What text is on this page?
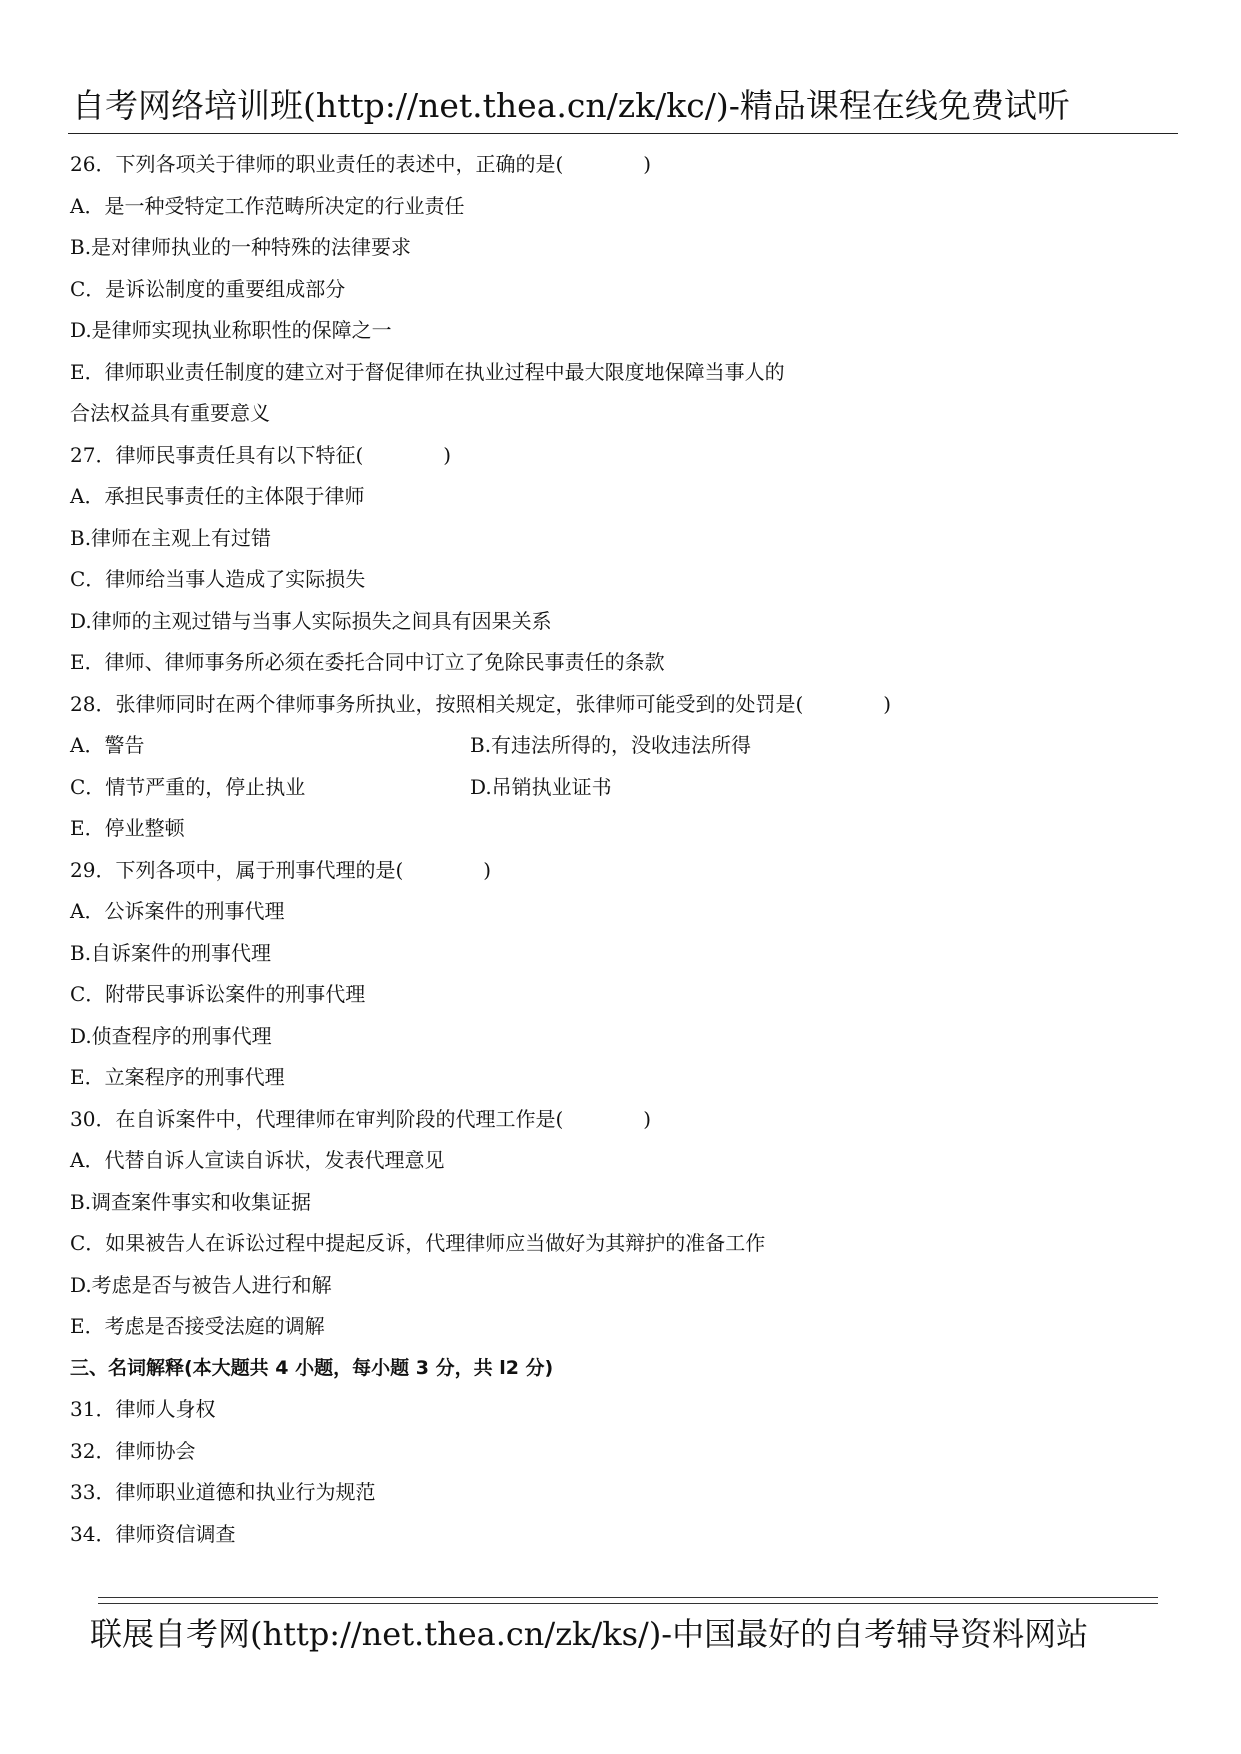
自考网络培训班(http://net.thea.cn/zk/kc/)-精品课程在线免费试听
26．下列各项关于律师的职业责任的表述中，正确的是(　　　　)
A．是一种受特定工作范畴所决定的行业责任
B.是对律师执业的一种特殊的法律要求
C．是诉讼制度的重要组成部分
D.是律师实现执业称职性的保障之一
E．律师职业责任制度的建立对于督促律师在执业过程中最大限度地保障当事人的
合法权益具有重要意义
27．律师民事责任具有以下特征(　　　　)
A．承担民事责任的主体限于律师
B.律师在主观上有过错
C．律师给当事人造成了实际损失
D.律师的主观过错与当事人实际损失之间具有因果关系
E．律师、律师事务所必须在委托合同中订立了免除民事责任的条款
28．张律师同时在两个律师事务所执业，按照相关规定，张律师可能受到的处罚是(　　　　)
A．警告	B.有违法所得的，没收违法所得
C．情节严重的，停止执业	D.吊销执业证书
E．停业整顿
29．下列各项中，属于刑事代理的是(　　　　)
A．公诉案件的刑事代理
B.自诉案件的刑事代理
C．附带民事诉讼案件的刑事代理
D.侦查程序的刑事代理
E．立案程序的刑事代理
30．在自诉案件中，代理律师在审判阶段的代理工作是(　　　　)
A．代替自诉人宣读自诉状，发表代理意见
B.调查案件事实和收集证据
C．如果被告人在诉讼过程中提起反诉，代理律师应当做好为其辩护的准备工作
D.考虑是否与被告人进行和解
E．考虑是否接受法庭的调解
三、名词解释(本大题共 4 小题，每小题 3 分，共 l2 分)
31．律师人身权
32．律师协会
33．律师职业道德和执业行为规范
34．律师资信调查
联展自考网(http://net.thea.cn/zk/ks/)-中国最好的自考辅导资料网站
